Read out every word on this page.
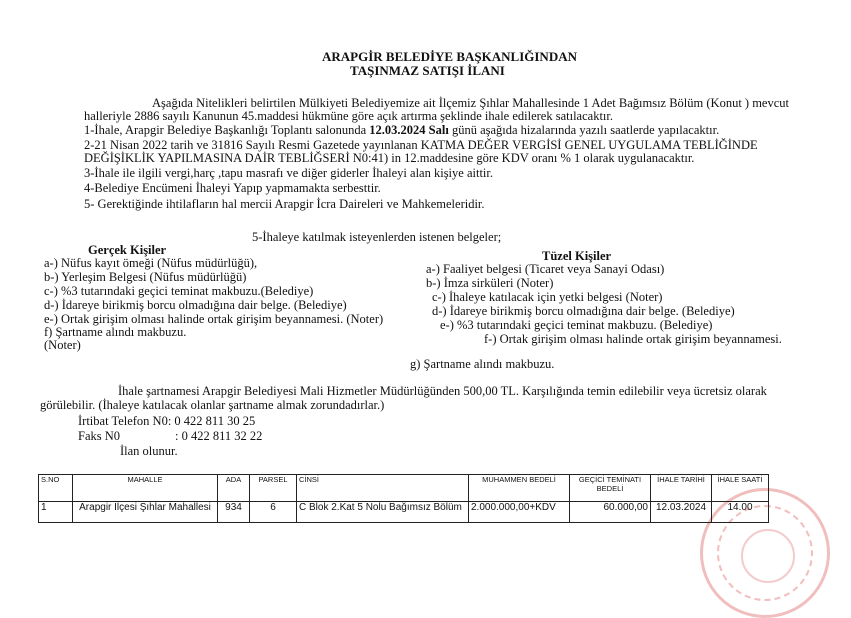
ARAPGİR BELEDİYE BAŞKANLIĞINDAN
TAŞINMAZ SATIŞI İLANI
Aşağıda Nitelikleri belirtilen Mülkiyeti Belediyemize ait İlçemiz Şıhlar Mahallesinde 1 Adet Bağımsız Bölüm (Konut ) mevcut
halleriyle 2886 sayılı Kanunun 45.maddesi hükmüne göre açık artırma şeklinde ihale edilerek satılacaktır.
1-İhale, Arapgir Belediye Başkanlığı Toplantı salonunda 12.03.2024 Salı günü aşağıda hizalarında yazılı saatlerde yapılacaktır.
2-21 Nisan 2022 tarih ve 31816 Sayılı Resmi Gazetede yayınlanan KATMA DEĞER VERGİSİ GENEL UYGULAMA TEBLİĞİNDE
DEĞİŞİKLİK YAPILMASINA DAİR TEBLİĞSERİ N0:41) in 12.maddesine göre KDV oranı % 1 olarak uygulanacaktır.
3-İhale ile ilgili vergi,harç ,tapu masrafı ve diğer giderler İhaleyi alan kişiye aittir.
4-Belediye Encümeni İhaleyi Yapıp yapmamakta serbesttir.
5- Gerektiğinde ihtilafların hal mercii Arapgir İcra Daireleri ve Mahkemeleridir.
5-İhaleye katılmak isteyenlerden istenen belgeler;
Gerçek Kişiler
a-) Nüfus kayıt ömeği (Nüfus müdürlüğü),
b-) Yerleşim Belgesi (Nüfus müdürlüğü)
c-) %3 tutarındaki geçici teminat makbuzu.(Belediye)
d-) İdareye birikmiş borcu olmadığına dair belge. (Belediye)
e-) Ortak girişim olması halinde ortak girişim beyannamesi. (Noter)
f) Şartname alındı makbuzu.
(Noter)
Tüzel Kişiler
a-) Faaliyet belgesi (Ticaret veya Sanayi Odası)
b-) İmza sirküleri (Noter)
c-) İhaleye katılacak için yetki belgesi (Noter)
d-) İdareye birikmiş borcu olmadığına dair belge. (Belediye)
e-) %3 tutarındaki geçici teminat makbuzu. (Belediye)
f-) Ortak girişim olması halinde ortak girişim beyannamesi.
g) Şartname alındı makbuzu.
İhale şartnamesi Arapgir Belediyesi Mali Hizmetler Müdürlüğünden 500,00 TL. Karşılığında temin edilebilir veya ücretsiz olarak
görülebilir. (İhaleye katılacak olanlar şartname almak zorundadırlar.)
İrtibat Telefon N0: 0 422 811 30 25
Faks N0	: 0 422 811 32 22
İlan olunur.
S.NO	MAHALLE	ADA	PARSEL	CİNSİ	MUHAMMEN BEDELİ	GEÇİCİ TEMİNATI BEDELİ	İHALE TARİHİ	İHALE SAATİ
1	Arapgir İlçesi Şıhlar Mahallesi	934	6	C Blok 2.Kat 5 Nolu Bağımsız Bölüm	2.000.000,00+KDV	60.000,00	12.03.2024	14.00
